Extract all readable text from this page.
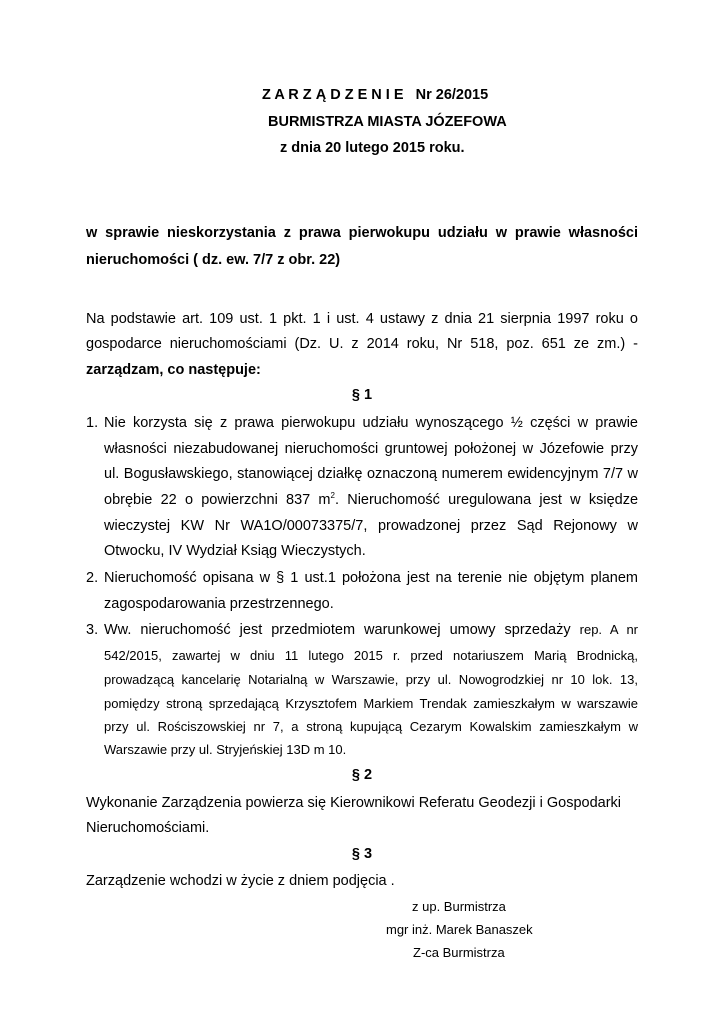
Z A R Z Ą D Z E N I E Nr 26/2015
BURMISTRZA MIASTA JÓZEFOWA
z dnia 20 lutego 2015 roku.
w sprawie nieskorzystania z prawa pierwokupu udziału w prawie własności
nieruchomości ( dz. ew. 7/7 z obr. 22)
Na podstawie art. 109 ust. 1 pkt. 1 i ust. 4 ustawy z dnia 21 sierpnia 1997 roku o
gospodarce nieruchomościami (Dz. U. z 2014 roku, Nr 518, poz. 651 ze zm.) -
zarządzam, co następuje:
§ 1
1. Nie korzysta się z prawa pierwokupu udziału wynoszącego ½ części w prawie
własności niezabudowanej nieruchomości gruntowej położonej w Józefowie przy
ul. Bogusławskiego, stanowiącej działkę oznaczoną numerem ewidencyjnym 7/7 w
obrębie 22 o powierzchni 837 $m^2$. Nieruchomość uregulowana jest w księdze
wieczystej KW Nr WA1O/00073375/7, prowadzonej przez Sąd Rejonowy w
Otwocku, IV Wydział Ksiąg Wieczystych.
2. Nieruchomość opisana w § 1 ust.1 położona jest na terenie nie objętym planem
zagospodarowania przestrzennego.
3. Ww. nieruchomość jest przedmiotem warunkowej umowy sprzedaży rep. A nr
542/2015, zawartej w dniu 11 lutego 2015 r. przed notariuszem Marią Brodnicką,
prowadzącą kancelarię Notarialną w Warszawie, przy ul. Nowogrodzkiej nr 10 lok. 13,
pomiędzy stroną sprzedającą Krzysztofem Markiem Trendak zamieszkałym w warszawie
przy ul. Rościszowskiej nr 7, a stroną kupującą Cezarym Kowalskim zamieszkałym w
Warszawie przy ul. Stryjeńskiej 13D m 10.
§ 2
Wykonanie Zarządzenia powierza się Kierownikowi Referatu Geodezji i Gospodarki
Nieruchomościami.
§ 3
Zarządzenie wchodzi w życie z dniem podjęcia .
z up. Burmistrza
mgr inż. Marek Banaszek
Z-ca Burmistrza
